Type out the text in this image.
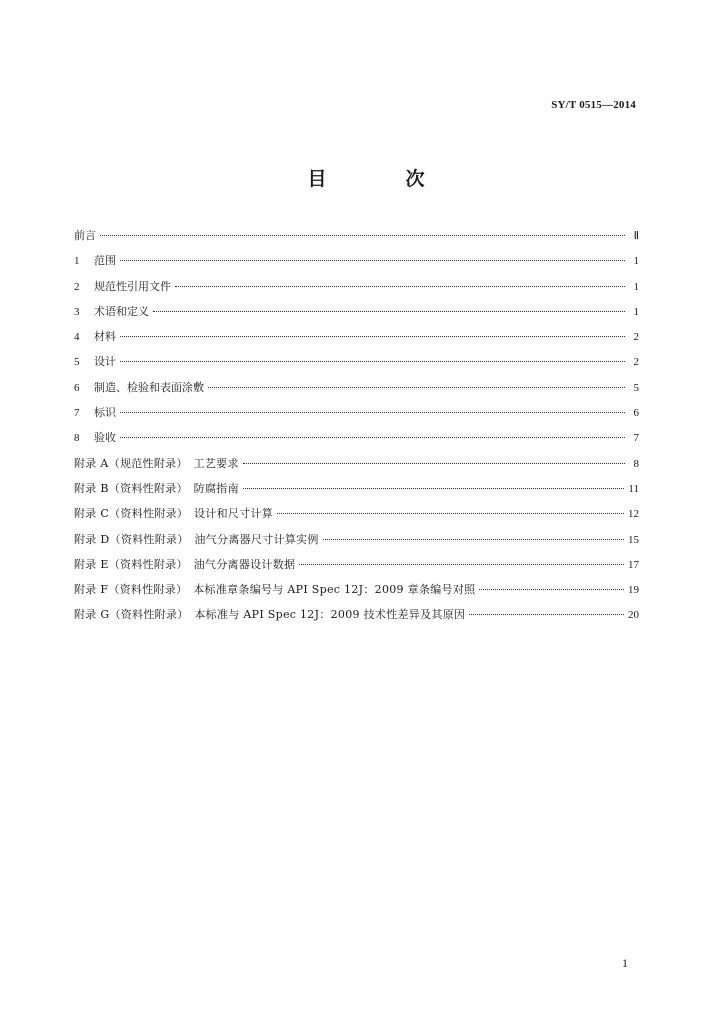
SY/T 0515—2014
目　次
前言	Ⅱ
1	范围	1
2	规范性引用文件	1
3	术语和定义	1
4	材料	2
5	设计	2
6	制造、检验和表面涂敷	5
7	标识	6
8	验收	7
附录 A（规范性附录）　工艺要求	8
附录 B（资料性附录）　防腐指南	11
附录 C（资料性附录）　设计和尺寸计算	12
附录 D（资料性附录）　油气分离器尺寸计算实例	15
附录 E（资料性附录）　油气分离器设计数据	17
附录 F（资料性附录）　本标准章条编号与 API Spec 12J：2009 章条编号对照	19
附录 G（资料性附录）　本标准与 API Spec 12J：2009 技术性差异及其原因	20
1
